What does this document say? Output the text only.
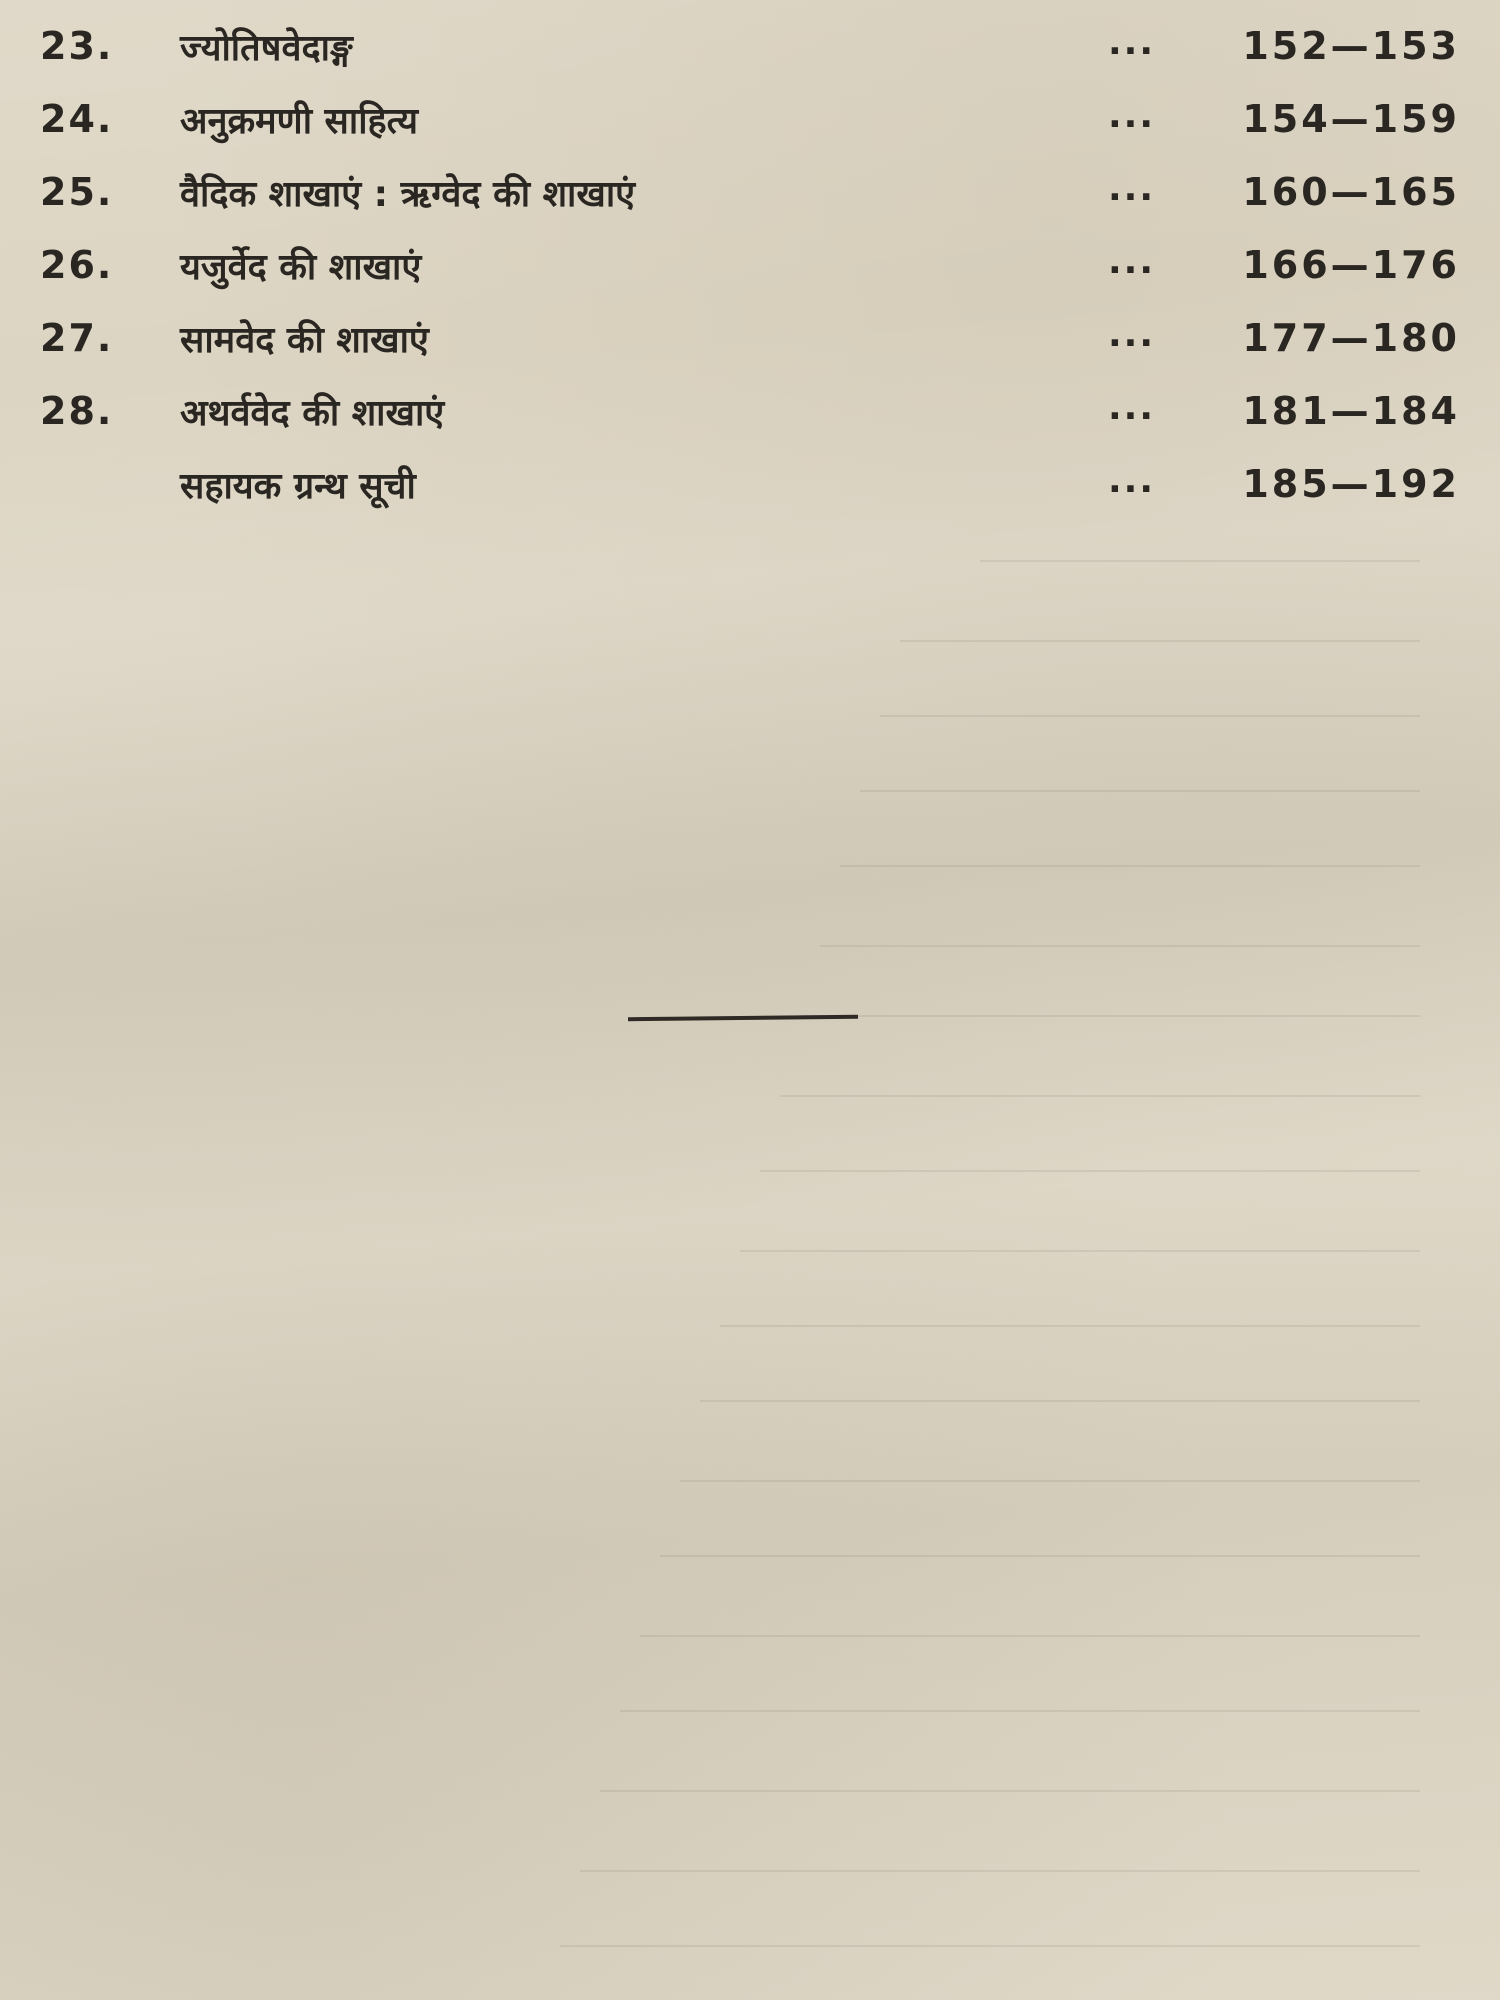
23. ज्योतिषवेदाङ्ग	... 152—153
24. अनुक्रमणी साहित्य	... 154—159
25. वैदिक शाखाएं : ऋग्वेद की शाखाएं	... 160—165
26. यजुर्वेद की शाखाएं	... 166—176
27. सामवेद की शाखाएं	... 177—180
28. अथर्ववेद की शाखाएं	... 181—184
सहायक ग्रन्थ सूची	... 185—192
